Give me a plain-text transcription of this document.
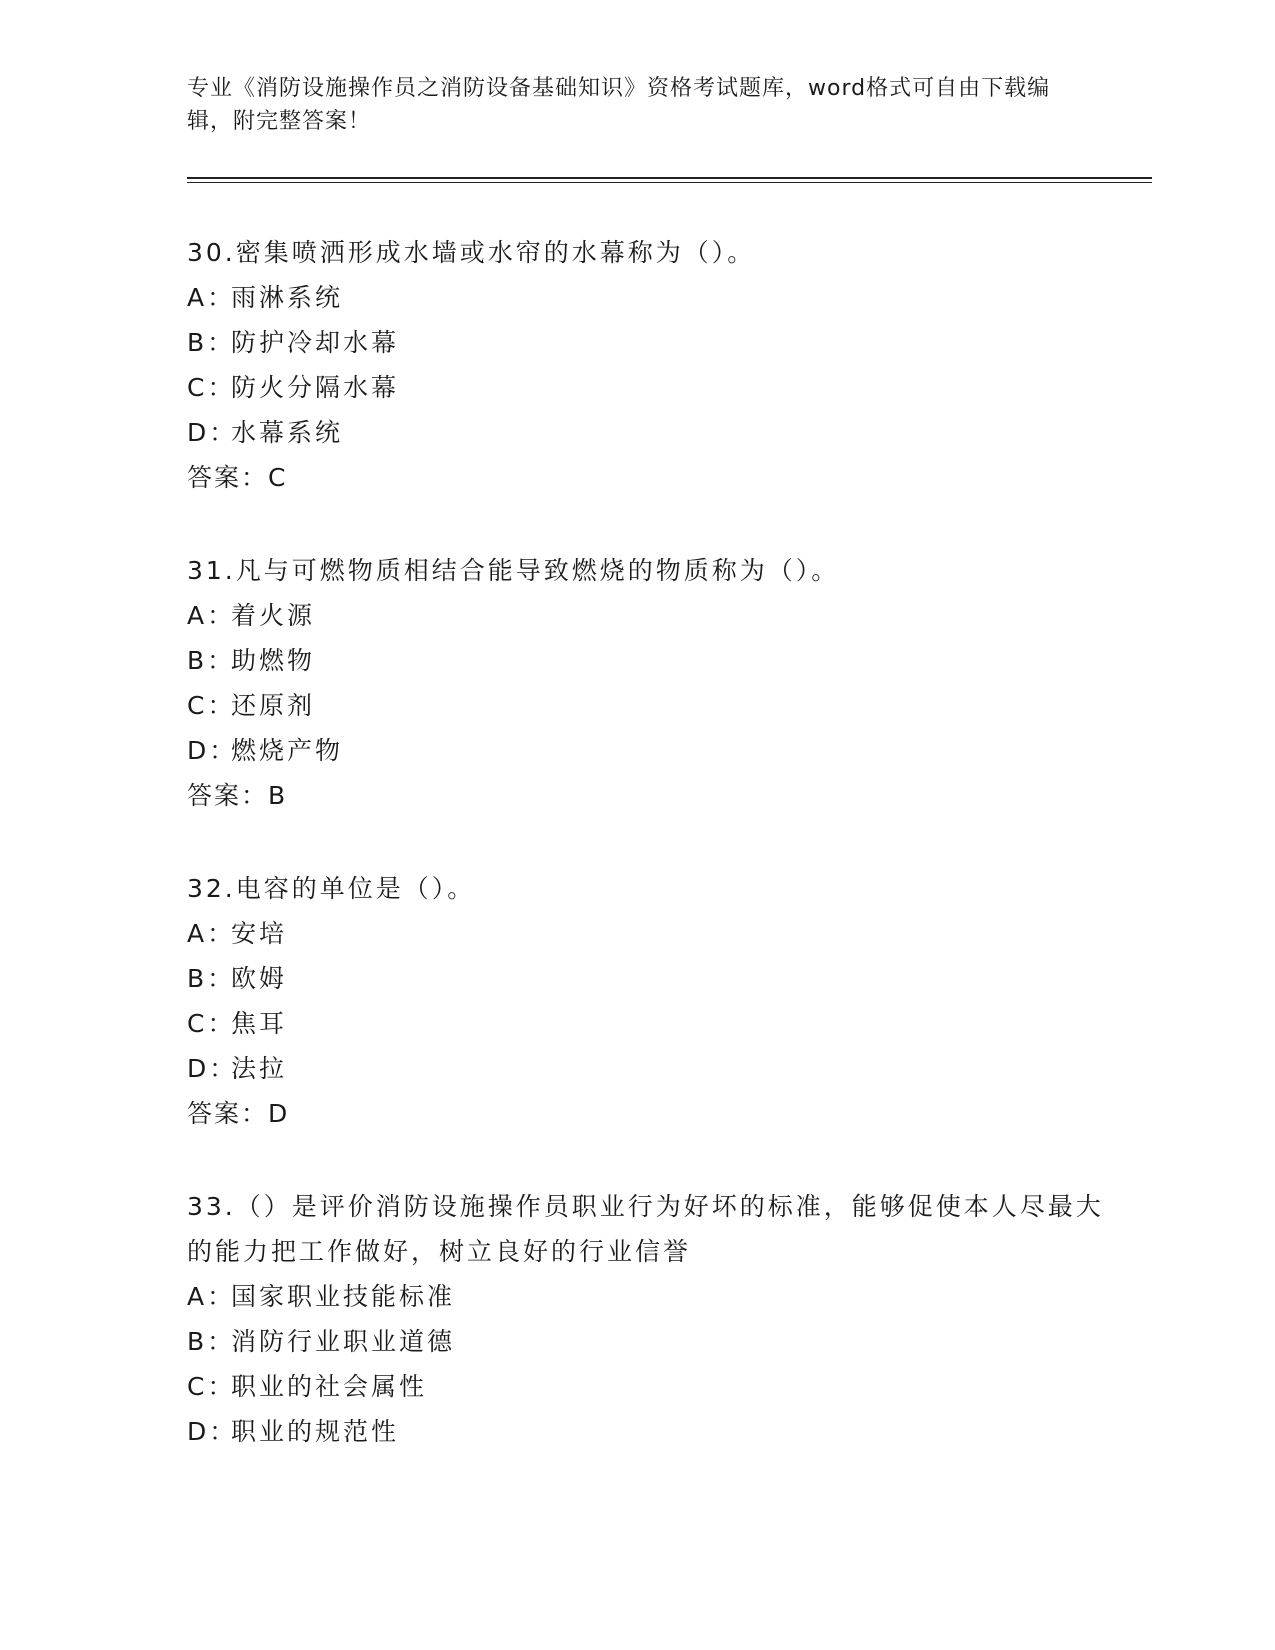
专业《消防设施操作员之消防设备基础知识》资格考试题库，word格式可自由下载编辑，附完整答案！

30.密集喷洒形成水墙或水帘的水幕称为（）。

A：
雨淋系统

B：
防护冷却水幕

C：
防火分隔水幕

D：
水幕系统

答案：C

31.凡与可燃物质相结合能导致燃烧的物质称为（）。

A：
着火源

B：
助燃物

C：
还原剂

D：
燃烧产物

答案：B

32.电容的单位是（）。

A：
安培

B：
欧姆

C：
焦耳

D：
法拉

答案：D

33.（）是评价消防设施操作员职业行为好坏的标准，能够促使本人尽最大的能力把工作做好，树立良好的行业信誉

A：
国家职业技能标准

B：
消防行业职业道德

C：
职业的社会属性

D：
职业的规范性
